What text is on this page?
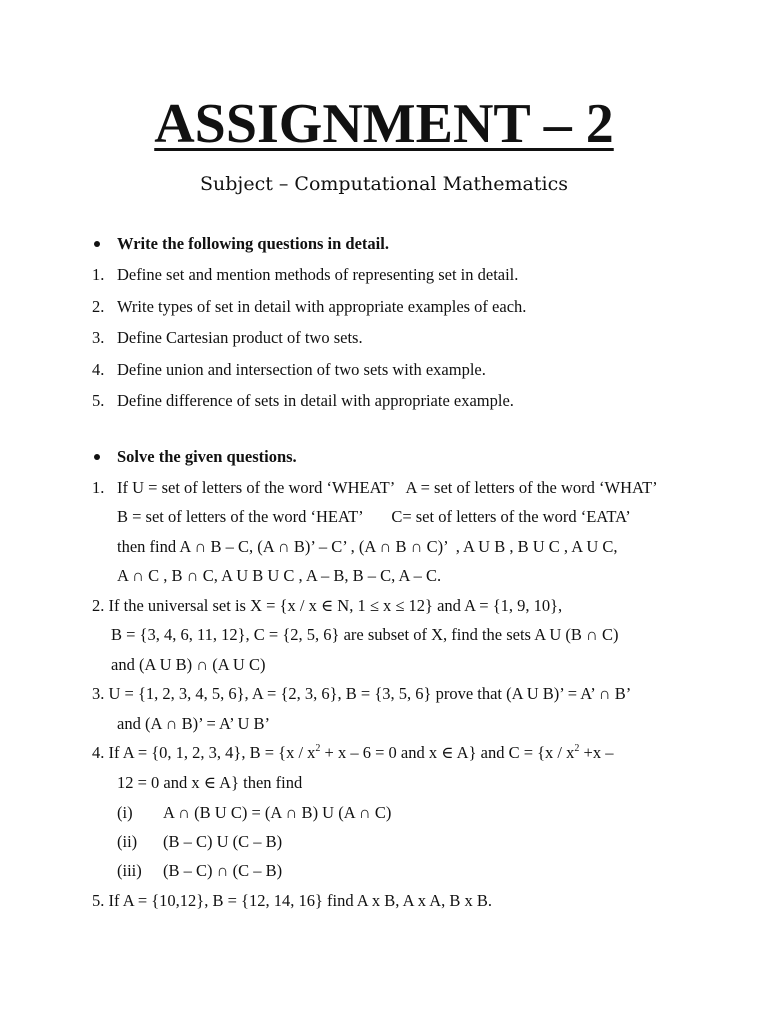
ASSIGNMENT – 2
Subject – Computational Mathematics
Write the following questions in detail.
1. Define set and mention methods of representing set in detail.
2. Write types of set in detail with appropriate examples of each.
3. Define Cartesian product of two sets.
4. Define union and intersection of two sets with example.
5. Define difference of sets in detail with appropriate example.
Solve the given questions.
1. If U = set of letters of the word ‘WHEAT’   A = set of letters of the word ‘WHAT’
B = set of letters of the word ‘HEAT’       C= set of letters of the word ‘EATA’
then find A ∩ B – C, (A ∩ B)’ – C’ , (A ∩ B ∩ C)’  , A U B , B U C , A U C,
A ∩ C , B ∩ C, A U B U C , A – B, B – C, A – C.
2. If the universal set is X = {x / x ∈ N, 1 ≤ x ≤ 12} and A = {1, 9, 10},
B = {3, 4, 6, 11, 12}, C = {2, 5, 6} are subset of X, find the sets A U (B ∩ C)
and (A U B) ∩ (A U C)
3. U = {1, 2, 3, 4, 5, 6}, A = {2, 3, 6}, B = {3, 5, 6} prove that (A U B)’ = A’ ∩ B’
and (A ∩ B)’ = A’ U B’
4. If A = {0, 1, 2, 3, 4}, $B = \{x / x^2 + x - 6 = 0$ and x ∈ A} and $C = \{x / x^2 +x$ –
12 = 0 and x ∈ A} then find
(i) A ∩ (B U C) = (A ∩ B) U (A ∩ C)
(ii) (B – C) U (C – B)
(iii) (B – C) ∩ (C – B)
5. If A = {10,12}, B = {12, 14, 16} find A x B, A x A, B x B.
